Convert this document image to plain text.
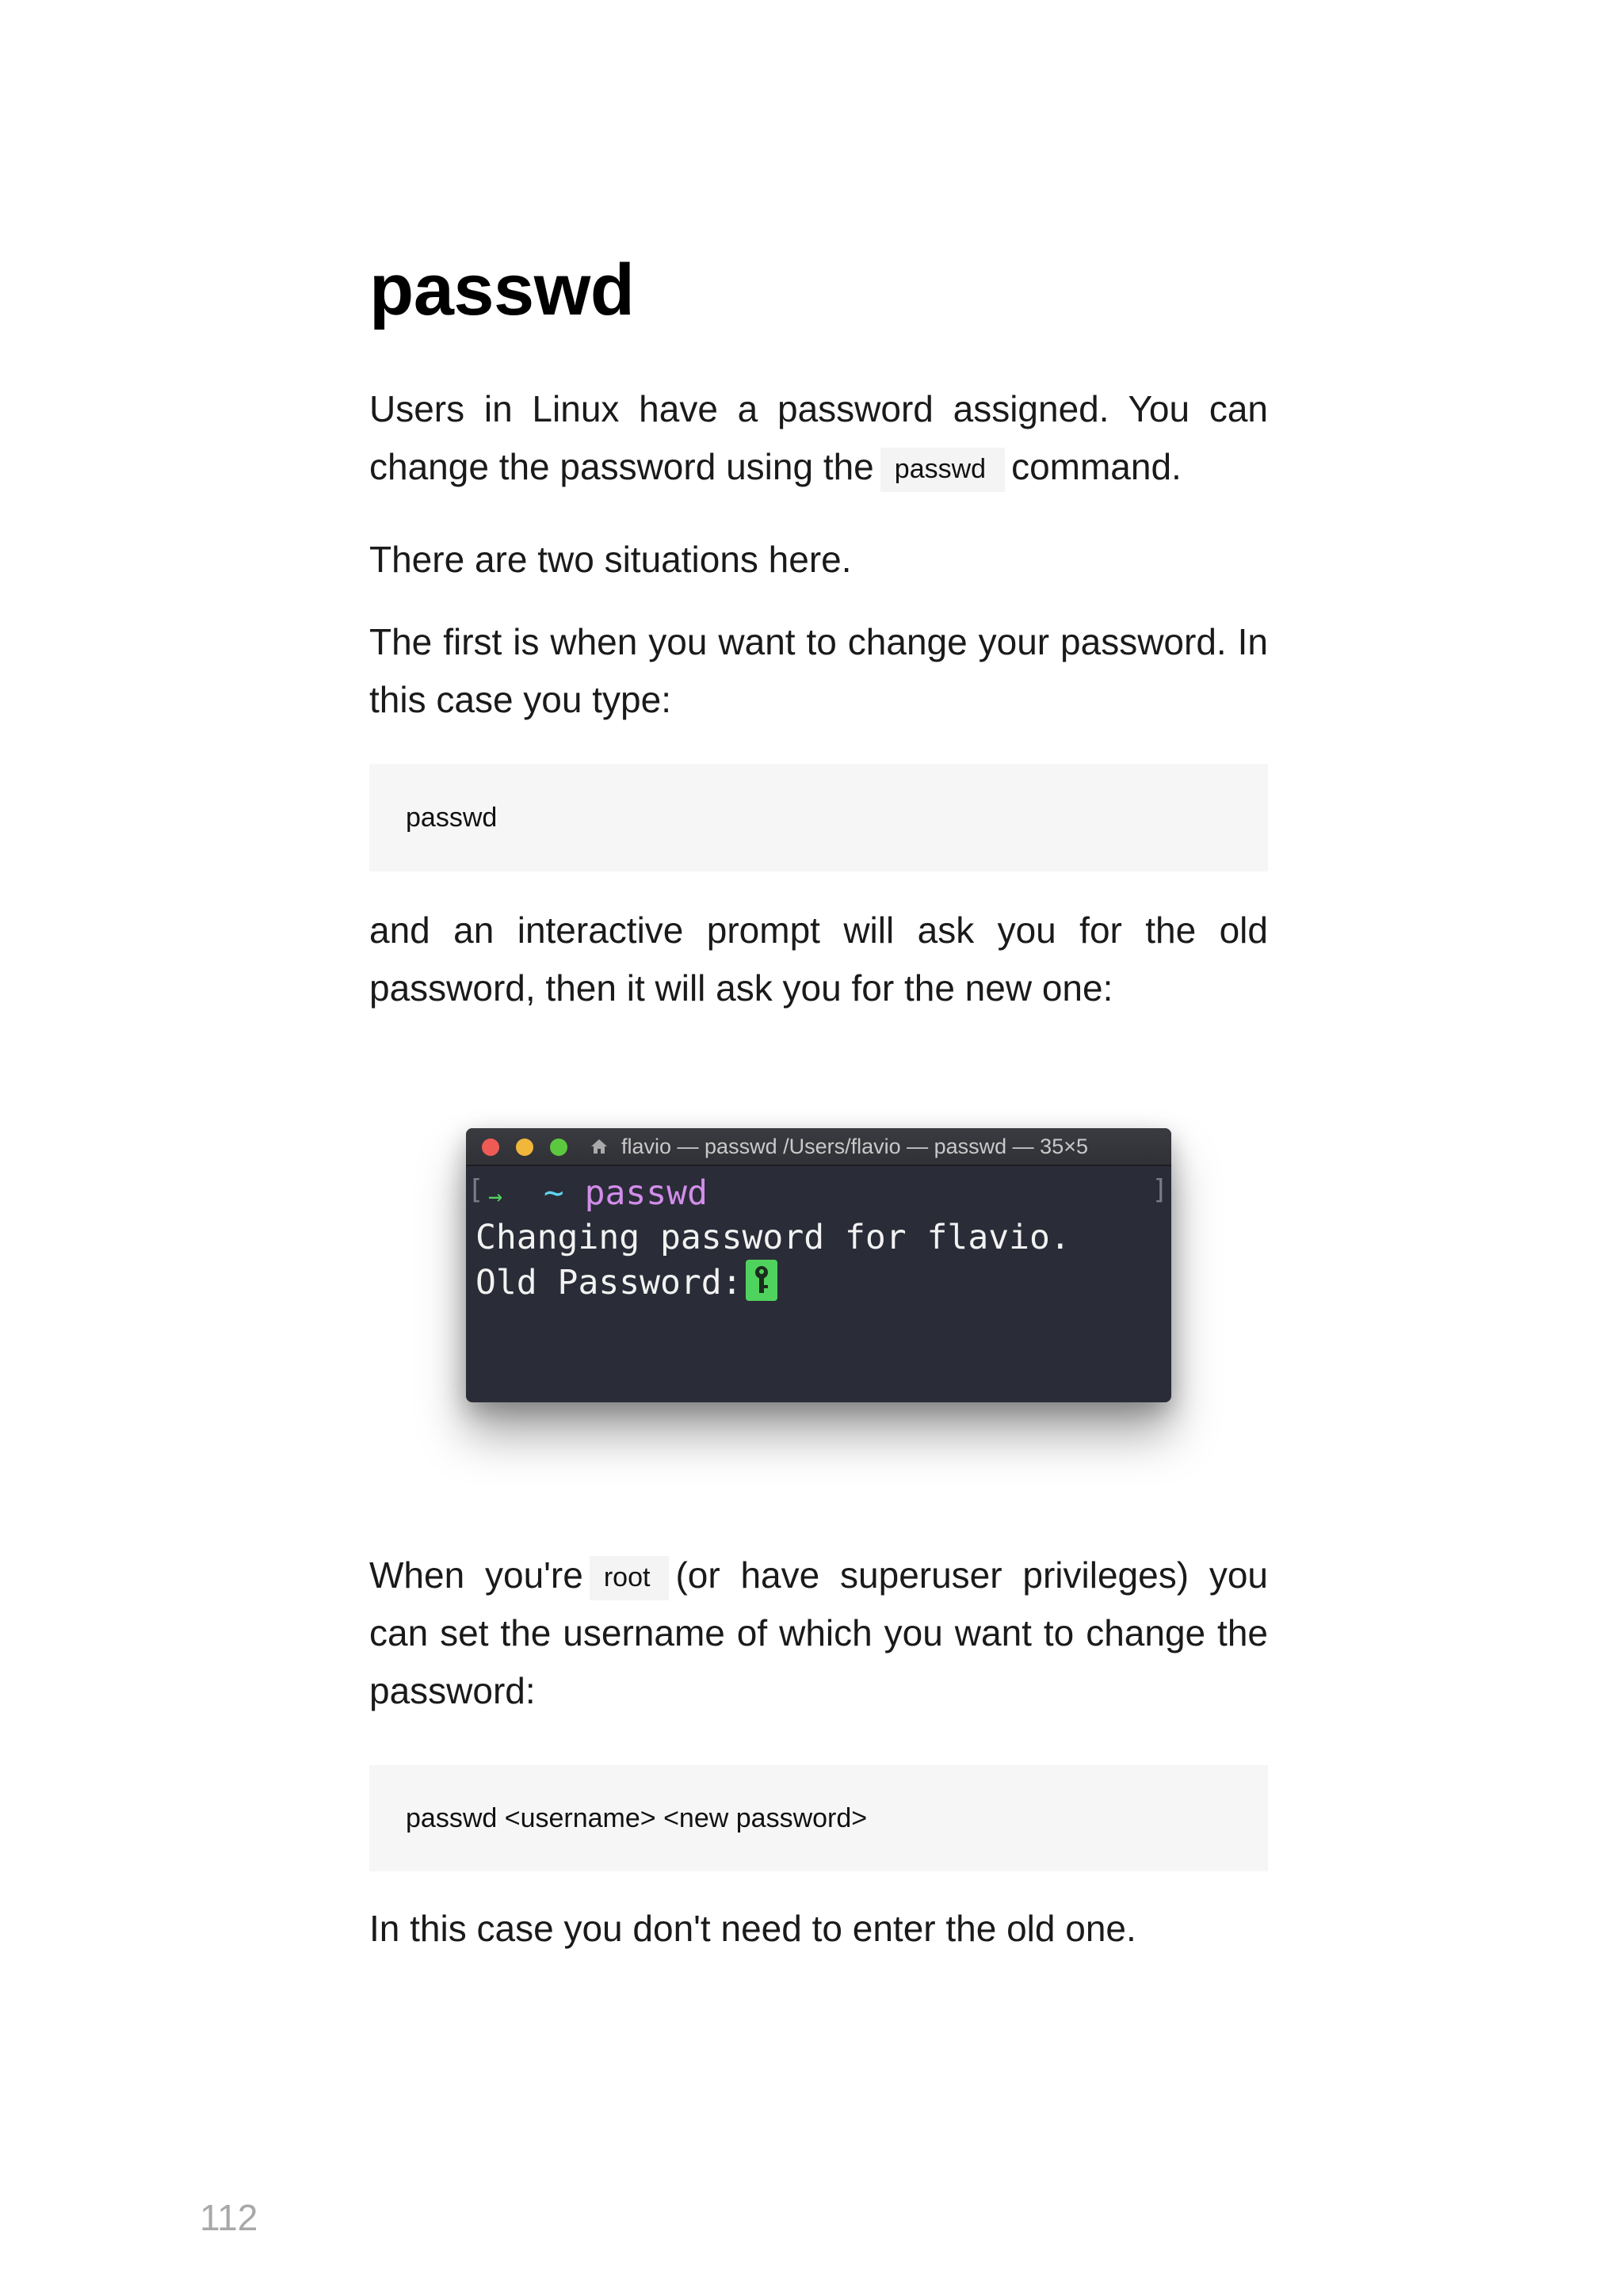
passwd

Users in Linux have a password assigned. You can change the password using the passwd command.

There are two situations here.

The first is when you want to change your password. In this case you type:

passwd

and an interactive prompt will ask you for the old password, then it will ask you for the new one:

flavio — passwd /Users/flavio — passwd — 35×5
[	]
→ ~ passwd
Changing password for flavio.
Old Password:

When you're root (or have superuser privileges) you can set the username of which you want to change the password:

passwd <username> <new password>

In this case you don't need to enter the old one.

112
